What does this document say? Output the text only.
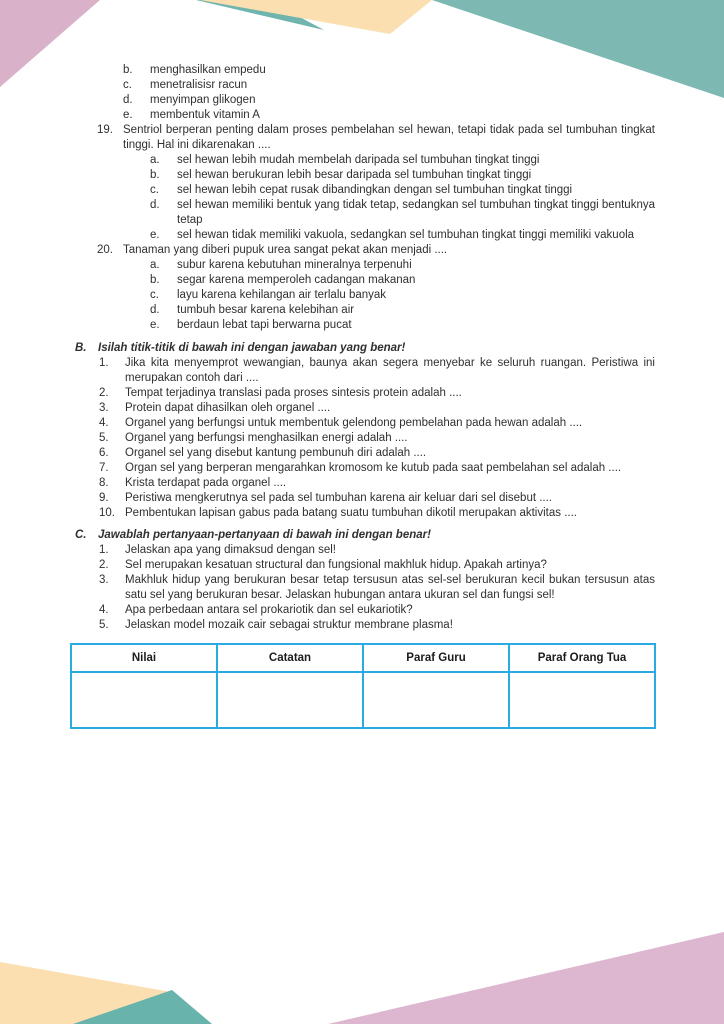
b.	menghasilkan empedu
c.	menetralisisr racun
d.	menyimpan glikogen
e.	membentuk vitamin A
19. Sentriol berperan penting dalam proses pembelahan sel hewan, tetapi tidak pada sel tumbuhan tingkat tinggi. Hal ini dikarenakan ....
a.	sel hewan lebih mudah membelah daripada sel tumbuhan tingkat tinggi
b.	sel hewan berukuran lebih besar daripada sel tumbuhan tingkat tinggi
c.	sel hewan lebih cepat rusak dibandingkan dengan sel tumbuhan tingkat tinggi
d.	sel hewan memiliki bentuk yang tidak tetap, sedangkan sel tumbuhan tingkat tinggi bentuknya tetap
e.	sel hewan tidak memiliki vakuola, sedangkan sel tumbuhan tingkat tinggi memiliki vakuola
20. Tanaman yang diberi pupuk urea sangat pekat akan menjadi ....
a.	subur karena kebutuhan mineralnya terpenuhi
b.	segar karena memperoleh cadangan makanan
c.	layu karena kehilangan air terlalu banyak
d.	tumbuh besar karena kelebihan air
e.	berdaun lebat tapi berwarna pucat
B.	Isilah titik-titik di bawah ini dengan jawaban yang benar!
1.	Jika kita menyemprot wewangian, baunya akan segera menyebar ke seluruh ruangan. Peristiwa ini merupakan contoh dari ....
2.	Tempat terjadinya translasi pada proses sintesis protein adalah ....
3.	Protein dapat dihasilkan oleh organel ....
4.	Organel yang berfungsi untuk membentuk gelendong pembelahan pada hewan adalah ....
5.	Organel yang berfungsi menghasilkan energi adalah ....
6.	Organel sel yang disebut kantung pembunuh diri adalah ....
7.	Organ sel yang berperan mengarahkan kromosom ke kutub pada saat pembelahan sel adalah ....
8.	Krista terdapat pada organel ....
9.	Peristiwa mengkerutnya sel pada sel tumbuhan karena air keluar dari sel disebut ....
10. Pembentukan lapisan gabus pada batang suatu tumbuhan dikotil merupakan aktivitas ....
C.	Jawablah pertanyaan-pertanyaan di bawah ini dengan benar!
1.	Jelaskan apa yang dimaksud dengan sel!
2.	Sel merupakan kesatuan structural dan fungsional makhluk hidup. Apakah artinya?
3.	Makhluk hidup yang berukuran besar tetap tersusun atas sel-sel berukuran kecil bukan tersusun atas satu sel yang berukuran besar. Jelaskan hubungan antara ukuran sel dan fungsi sel!
4.	Apa perbedaan antara sel prokariotik dan sel eukariotik?
5.	Jelaskan model mozaik cair sebagai struktur membrane plasma!
Nilai	Catatan	Paraf Guru	Paraf Orang Tua
